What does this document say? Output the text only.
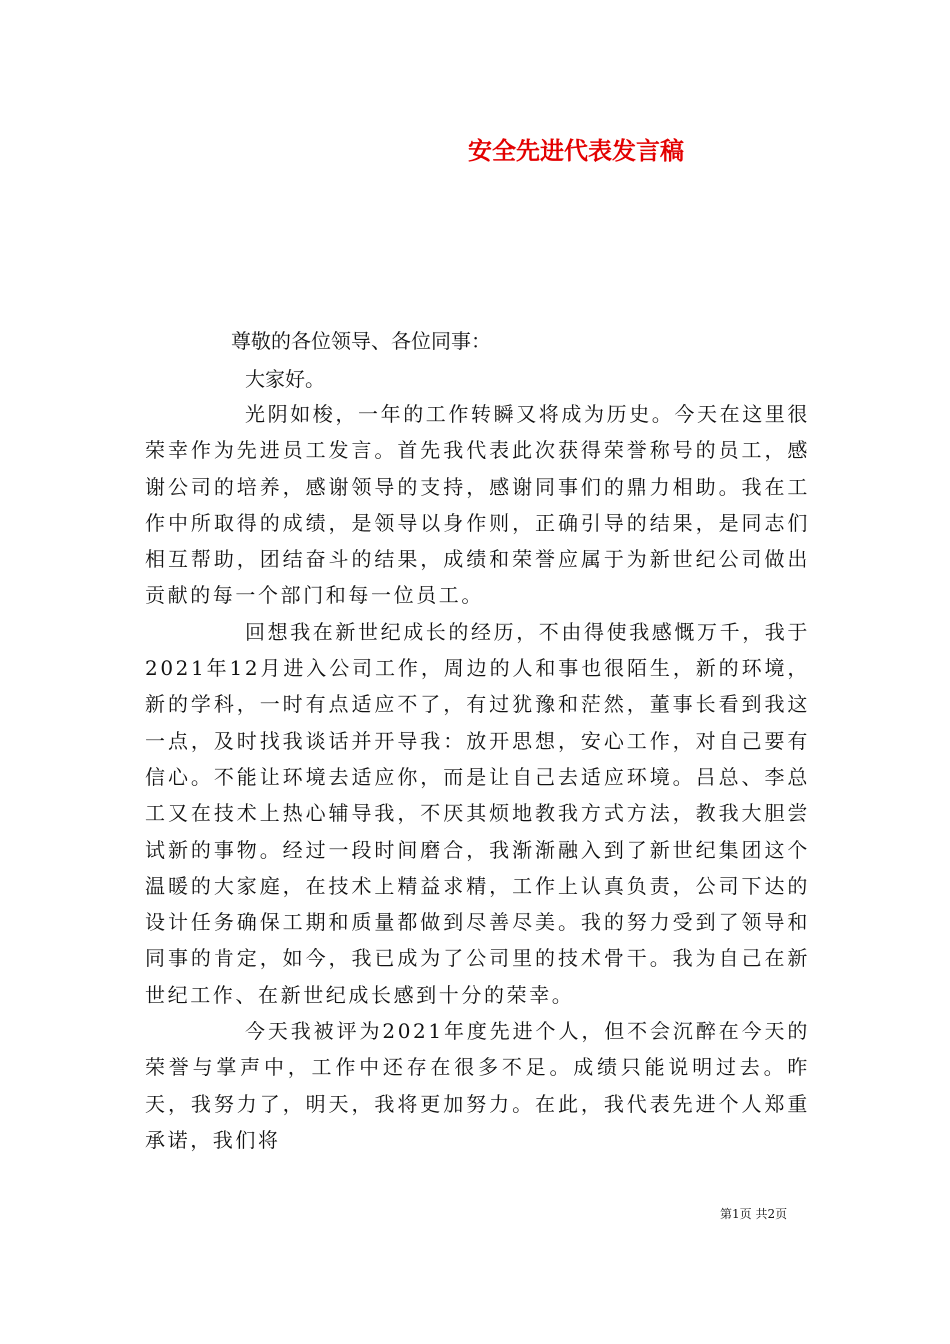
安全先进代表发言稿

尊敬的各位领导、各位同事：

大家好。

光阴如梭，一年的工作转瞬又将成为历史。今天在这里很荣幸作为先进员工发言。首先我代表此次获得荣誉称号的员工，感谢公司的培养，感谢领导的支持，感谢同事们的鼎力相助。我在工作中所取得的成绩，是领导以身作则，正确引导的结果，是同志们相互帮助，团结奋斗的结果，成绩和荣誉应属于为新世纪公司做出贡献的每一个部门和每一位员工。

回想我在新世纪成长的经历，不由得使我感慨万千，我于2021年12月进入公司工作，周边的人和事也很陌生，新的环境，新的学科，一时有点适应不了，有过犹豫和茫然，董事长看到我这一点，及时找我谈话并开导我：放开思想，安心工作，对自己要有信心。不能让环境去适应你，而是让自己去适应环境。吕总、李总工又在技术上热心辅导我，不厌其烦地教我方式方法，教我大胆尝试新的事物。经过一段时间磨合，我渐渐融入到了新世纪集团这个温暖的大家庭，在技术上精益求精，工作上认真负责，公司下达的设计任务确保工期和质量都做到尽善尽美。我的努力受到了领导和同事的肯定，如今，我已成为了公司里的技术骨干。我为自己在新世纪工作、在新世纪成长感到十分的荣幸。

今天我被评为2021年度先进个人，但不会沉醉在今天的荣誉与掌声中，工作中还存在很多不足。成绩只能说明过去。昨天，我努力了，明天，我将更加努力。在此，我代表先进个人郑重承诺，我们将

第1页 共2页
